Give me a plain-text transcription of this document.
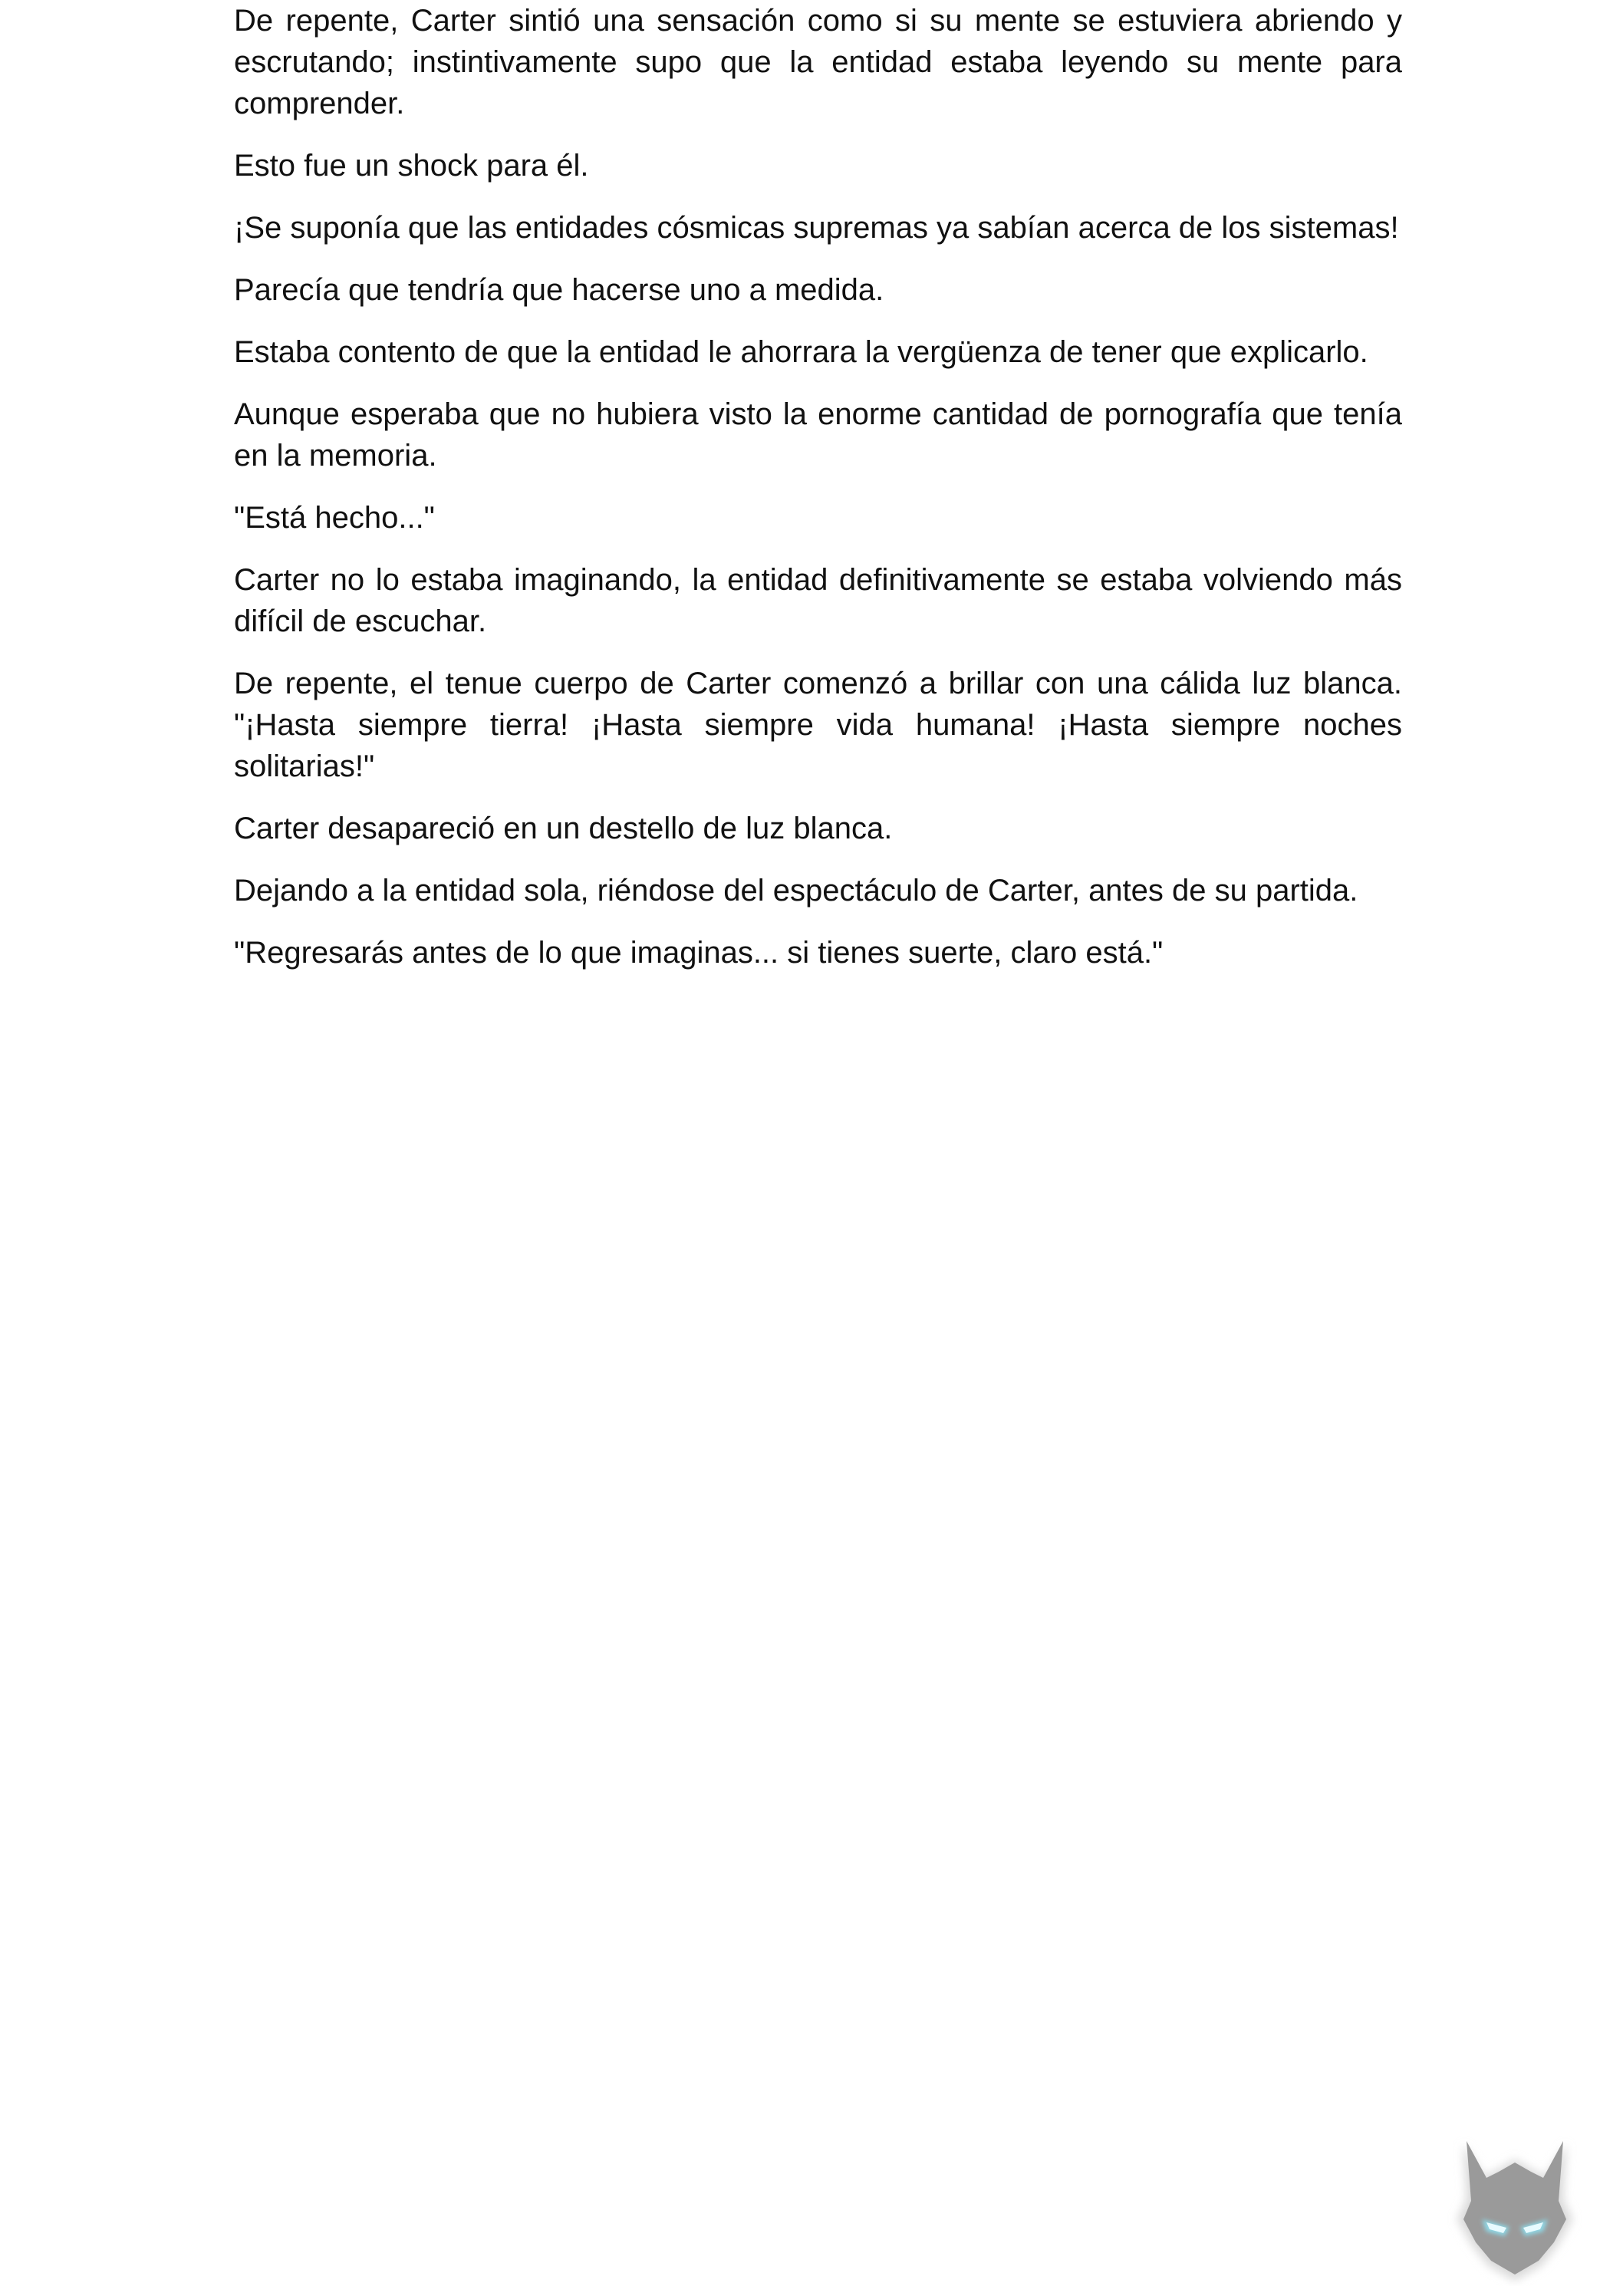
De repente, Carter sintió una sensación como si su mente se estuviera abriendo y escrutando; instintivamente supo que la entidad estaba leyendo su mente para comprender.

Esto fue un shock para él.

¡Se suponía que las entidades cósmicas supremas ya sabían acerca de los sistemas!

Parecía que tendría que hacerse uno a medida.

Estaba contento de que la entidad le ahorrara la vergüenza de tener que explicarlo.

Aunque esperaba que no hubiera visto la enorme cantidad de pornografía que tenía en la memoria.

"Está hecho..."

Carter no lo estaba imaginando, la entidad definitivamente se estaba volviendo más difícil de escuchar.

De repente, el tenue cuerpo de Carter comenzó a brillar con una cálida luz blanca. "¡Hasta siempre tierra! ¡Hasta siempre vida humana! ¡Hasta siempre noches solitarias!"

Carter desapareció en un destello de luz blanca.

Dejando a la entidad sola, riéndose del espectáculo de Carter, antes de su partida.

"Regresarás antes de lo que imaginas... si tienes suerte, claro está."
